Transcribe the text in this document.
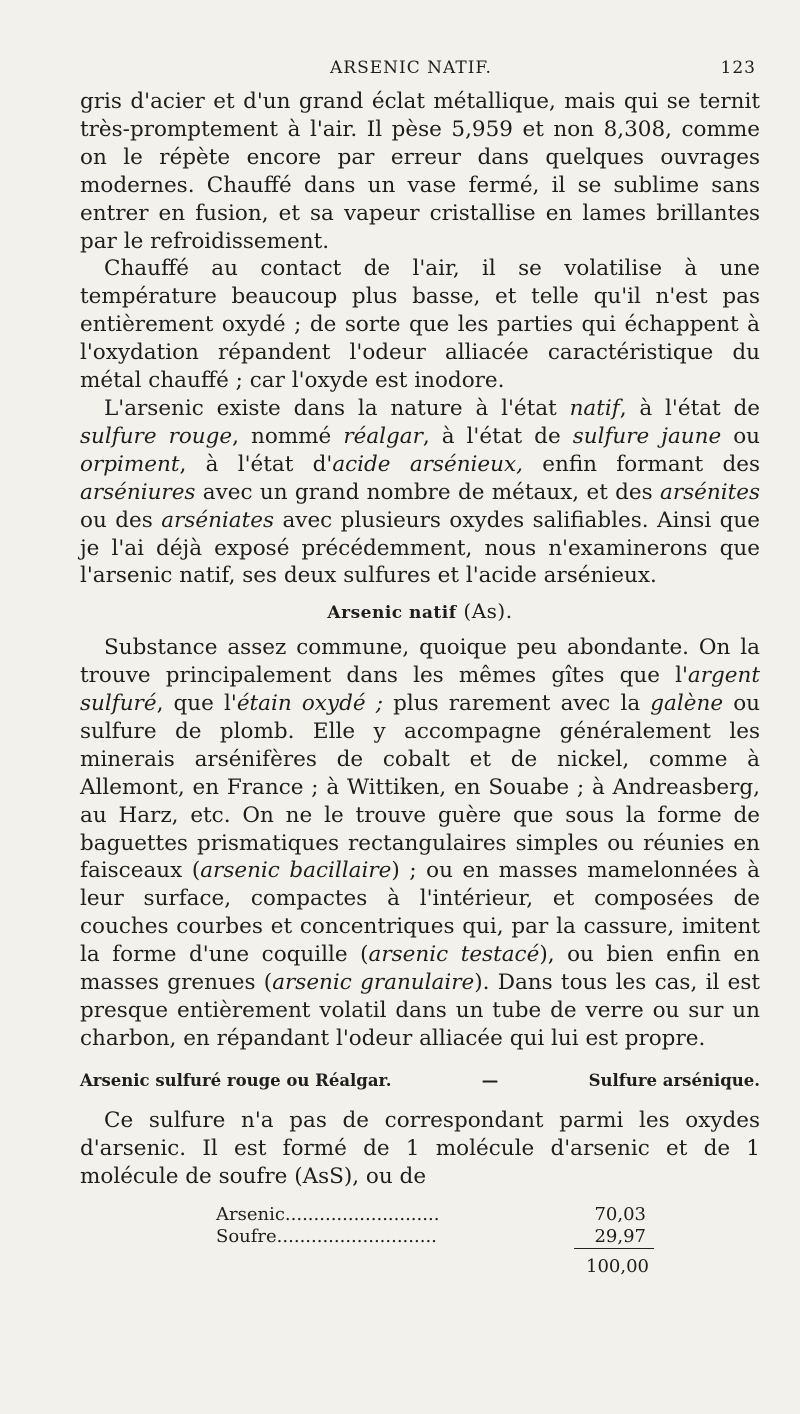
ARSENIC NATIF.	123

gris d'acier et d'un grand éclat métallique, mais qui se ternit très-promptement à l'air. Il pèse 5,959 et non 8,308, comme on le répète encore par erreur dans quelques ouvrages modernes. Chauffé dans un vase fermé, il se sublime sans entrer en fusion, et sa vapeur cristallise en lames brillantes par le refroidissement.

Chauffé au contact de l'air, il se volatilise à une température beaucoup plus basse, et telle qu'il n'est pas entièrement oxydé ; de sorte que les parties qui échappent à l'oxydation répandent l'odeur alliacée caractéristique du métal chauffé ; car l'oxyde est inodore.

L'arsenic existe dans la nature à l'état natif, à l'état de sulfure rouge, nommé réalgar, à l'état de sulfure jaune ou orpiment, à l'état d'acide arsénieux, enfin formant des arséniures avec un grand nombre de métaux, et des arsénites ou des arséniates avec plusieurs oxydes salifiables. Ainsi que je l'ai déjà exposé précédemment, nous n'examinerons que l'arsenic natif, ses deux sulfures et l'acide arsénieux.

Arsenic natif (As).

Substance assez commune, quoique peu abondante. On la trouve principalement dans les mêmes gîtes que l'argent sulfuré, que l'étain oxydé ; plus rarement avec la galène ou sulfure de plomb. Elle y accompagne généralement les minerais arsénifères de cobalt et de nickel, comme à Allemont, en France ; à Wittiken, en Souabe ; à Andreasberg, au Harz, etc. On ne le trouve guère que sous la forme de baguettes prismatiques rectangulaires simples ou réunies en faisceaux (arsenic bacillaire) ; ou en masses mamelonnées à leur surface, compactes à l'intérieur, et composées de couches courbes et concentriques qui, par la cassure, imitent la forme d'une coquille (arsenic testacé), ou bien enfin en masses grenues (arsenic granulaire). Dans tous les cas, il est presque entièrement volatil dans un tube de verre ou sur un charbon, en répandant l'odeur alliacée qui lui est propre.

Arsenic sulfuré rouge ou Réalgar.	—	Sulfure arsénique.

Ce sulfure n'a pas de correspondant parmi les oxydes d'arsenic. Il est formé de 1 molécule d'arsenic et de 1 molécule de soufre (AsS), ou de

Arsenic...........................	70,03
Soufre............................	29,97
100,00
